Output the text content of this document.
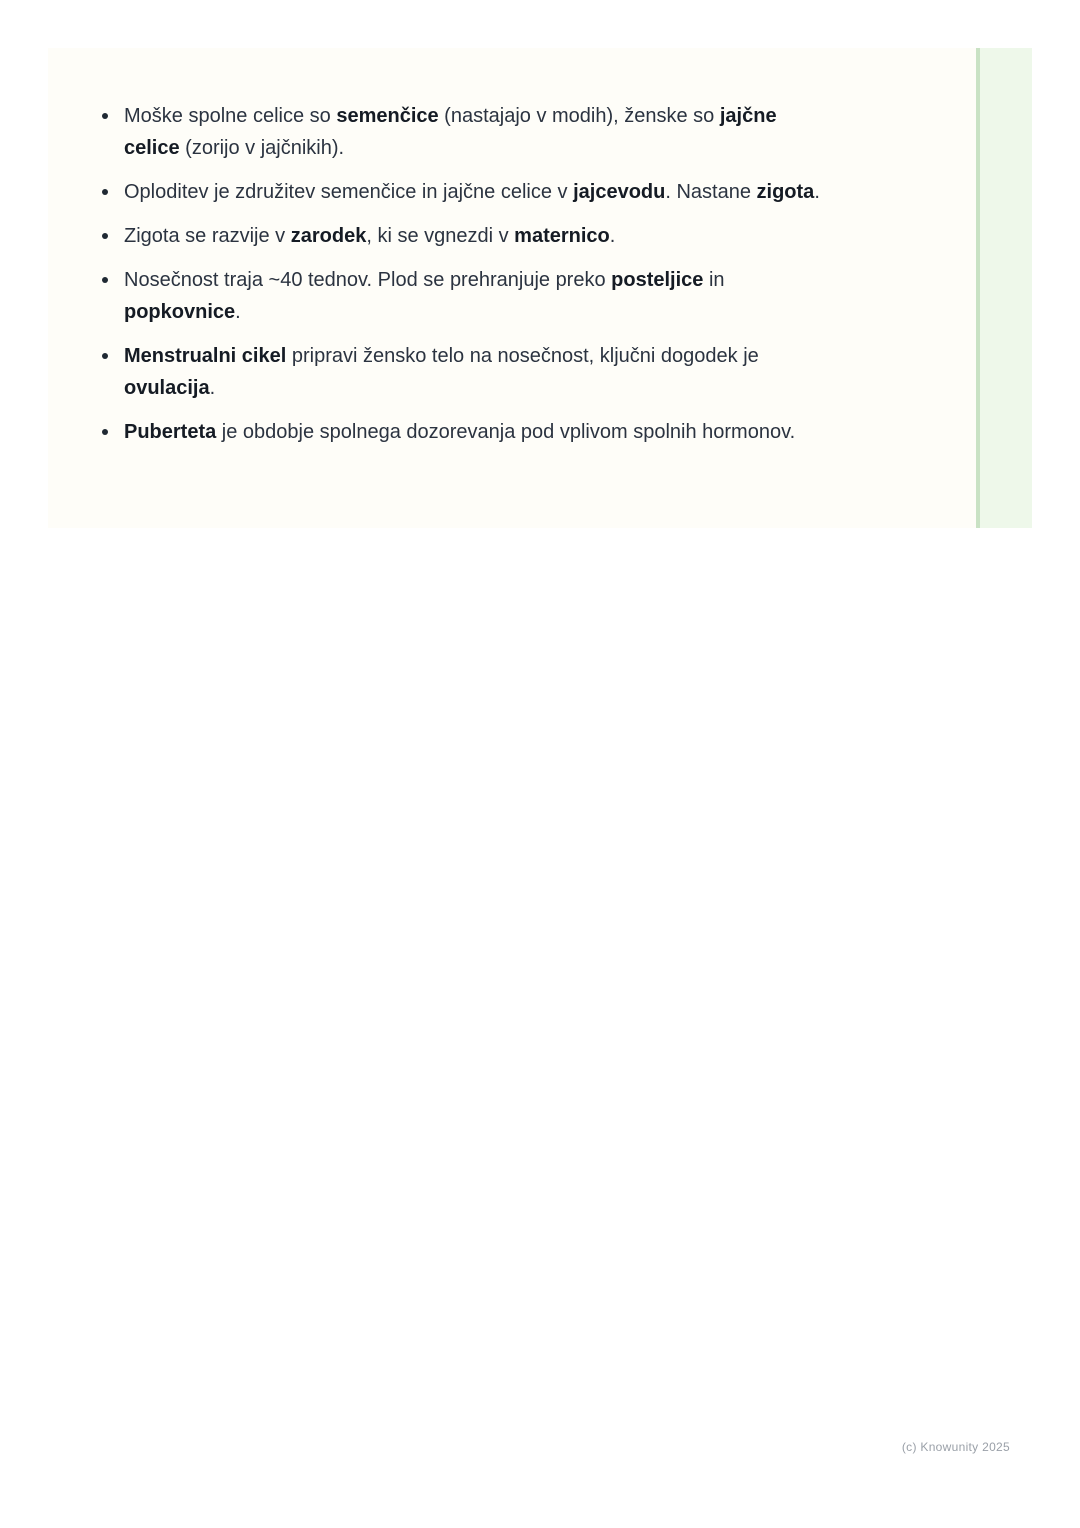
Moške spolne celice so semenčice (nastajajo v modih), ženske so jajčne celice (zorijo v jajčnikih).
Oploditev je združitev semenčice in jajčne celice v jajcevodu. Nastane zigota.
Zigota se razvije v zarodek, ki se vgnezdi v maternico.
Nosečnost traja ~40 tednov. Plod se prehranjuje preko posteljice in popkovnice.
Menstrualni cikel pripravi žensko telo na nosečnost, ključni dogodek je ovulacija.
Puberteta je obdobje spolnega dozorevanja pod vplivom spolnih hormonov.
(c) Knowunity 2025
